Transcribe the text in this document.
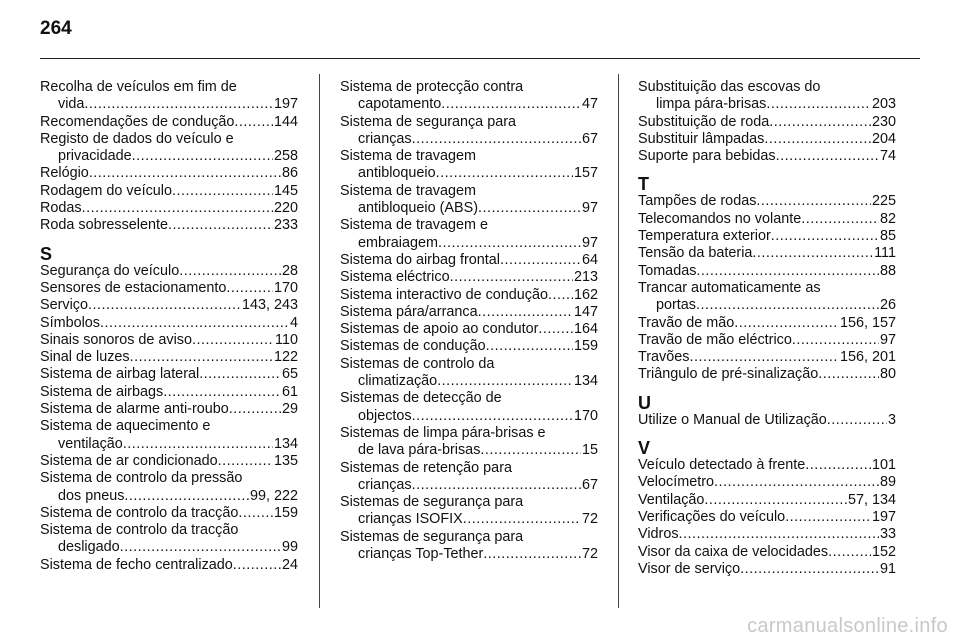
264
Recolha de veículos em fim de
vida .....	197
Recomendações de condução .....	144
Registo de dados do veículo e
privacidade .....	258
Relógio .....	86
Rodagem do veículo .....	145
Rodas .....	220
Roda sobresselente .....	233
S
Segurança do veículo .....	28
Sensores de estacionamento .....	170
Serviço .....	143, 243
Símbolos .....	4
Sinais sonoros de aviso .....	110
Sinal de luzes .....	122
Sistema de airbag lateral .....	65
Sistema de airbags .....	61
Sistema de alarme anti-roubo .....	29
Sistema de aquecimento e
ventilação .....	134
Sistema de ar condicionado .....	135
Sistema de controlo da pressão
dos pneus .....	99, 222
Sistema de controlo da tracção ..... 159
Sistema de controlo da tracção
desligado .....	99
Sistema de fecho centralizado .....	24
Sistema de protecção contra
capotamento .....	47
Sistema de segurança para
crianças .....	67
Sistema de travagem
antibloqueio .....	157
Sistema de travagem
antibloqueio (ABS) .....	97
Sistema de travagem e
embraiagem .....	97
Sistema do airbag frontal .....	64
Sistema eléctrico .....	213
Sistema interactivo de condução ..... 162
Sistema pára/arranca .....	147
Sistemas de apoio ao condutor ..... 164
Sistemas de condução .....	159
Sistemas de controlo da
climatização .....	134
Sistemas de detecção de
objectos .....	170
Sistemas de limpa pára-brisas e
de lava pára-brisas .....	15
Sistemas de retenção para
crianças .....	67
Sistemas de segurança para
crianças ISOFIX .....	72
Sistemas de segurança para
crianças Top-Tether .....	72
Substituição das escovas do
limpa pára-brisas .....	203
Substituição de roda .....	230
Substituir lâmpadas .....	204
Suporte para bebidas .....	74
T
Tampões de rodas .....	225
Telecomandos no volante .....	82
Temperatura exterior .....	85
Tensão da bateria .....	111
Tomadas .....	88
Trancar automaticamente as
portas .....	26
Travão de mão .....	156, 157
Travão de mão eléctrico .....	97
Travões .....	156, 201
Triângulo de pré-sinalização .....	80
U
Utilize o Manual de Utilização .....	3
V
Veículo detectado à frente .....	101
Velocímetro .....	89
Ventilação .....	57, 134
Verificações do veículo .....	197
Vidros .....	33
Visor da caixa de velocidades .....	152
Visor de serviço .....	91
carmanualsonline.info
